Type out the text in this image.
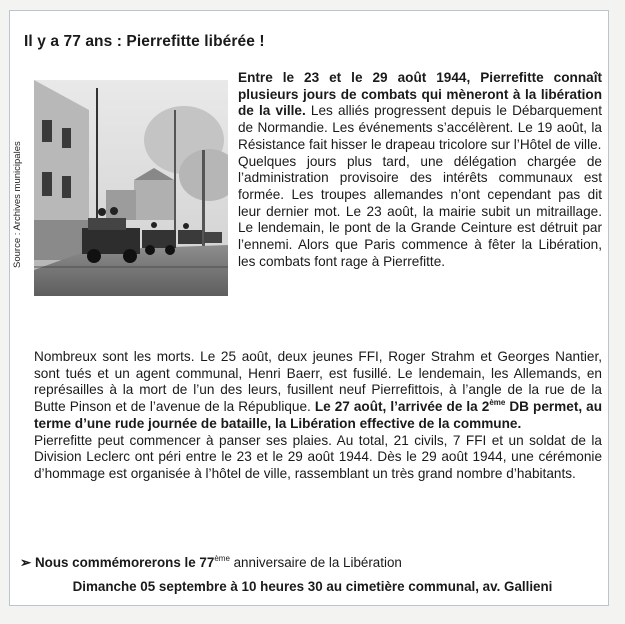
Il y a 77 ans : Pierrefitte libérée !
Source : Archives municipales

Entre le 23 et le 29 août 1944, Pierrefitte connaît plusieurs jours de combats qui mèneront à la libération de la ville. Les alliés progressent depuis le Débarquement de Normandie. Les événements s’accélèrent. Le 19 août, la Résistance fait hisser le drapeau tricolore sur l’Hôtel de ville.

Quelques jours plus tard, une délégation chargée de l’administration provisoire des intérêts communaux est formée. Les troupes allemandes n’ont cependant pas dit leur dernier mot. Le 23 août, la mairie subit un mitraillage. Le lendemain, le pont de la Grande Ceinture est détruit par l’ennemi. Alors que Paris commence à fêter la Libération, les combats font rage à Pierrefitte.

Nombreux sont les morts. Le 25 août, deux jeunes FFI, Roger Strahm et Georges Nantier, sont tués et un agent communal, Henri Baerr, est fusillé. Le lendemain, les Allemands, en représailles à la mort de l’un des leurs, fusillent neuf Pierrefittois, à l’angle de la rue de la Butte Pinson et de l’avenue de la République. Le 27 août, l’arrivée de la 2ème DB permet, au terme d’une rude journée de bataille, la Libération effective de la commune.

Pierrefitte peut commencer à panser ses plaies. Au total, 21 civils, 7 FFI et un soldat de la Division Leclerc ont péri entre le 23 et le 29 août 1944. Dès le 29 août 1944, une cérémonie d’hommage est organisée à l’hôtel de ville, rassemblant un très grand nombre d’habitants.

➢ Nous commémorerons le 77ème anniversaire de la Libération
Dimanche 05 septembre à 10 heures 30 au cimetière communal, av. Gallieni
